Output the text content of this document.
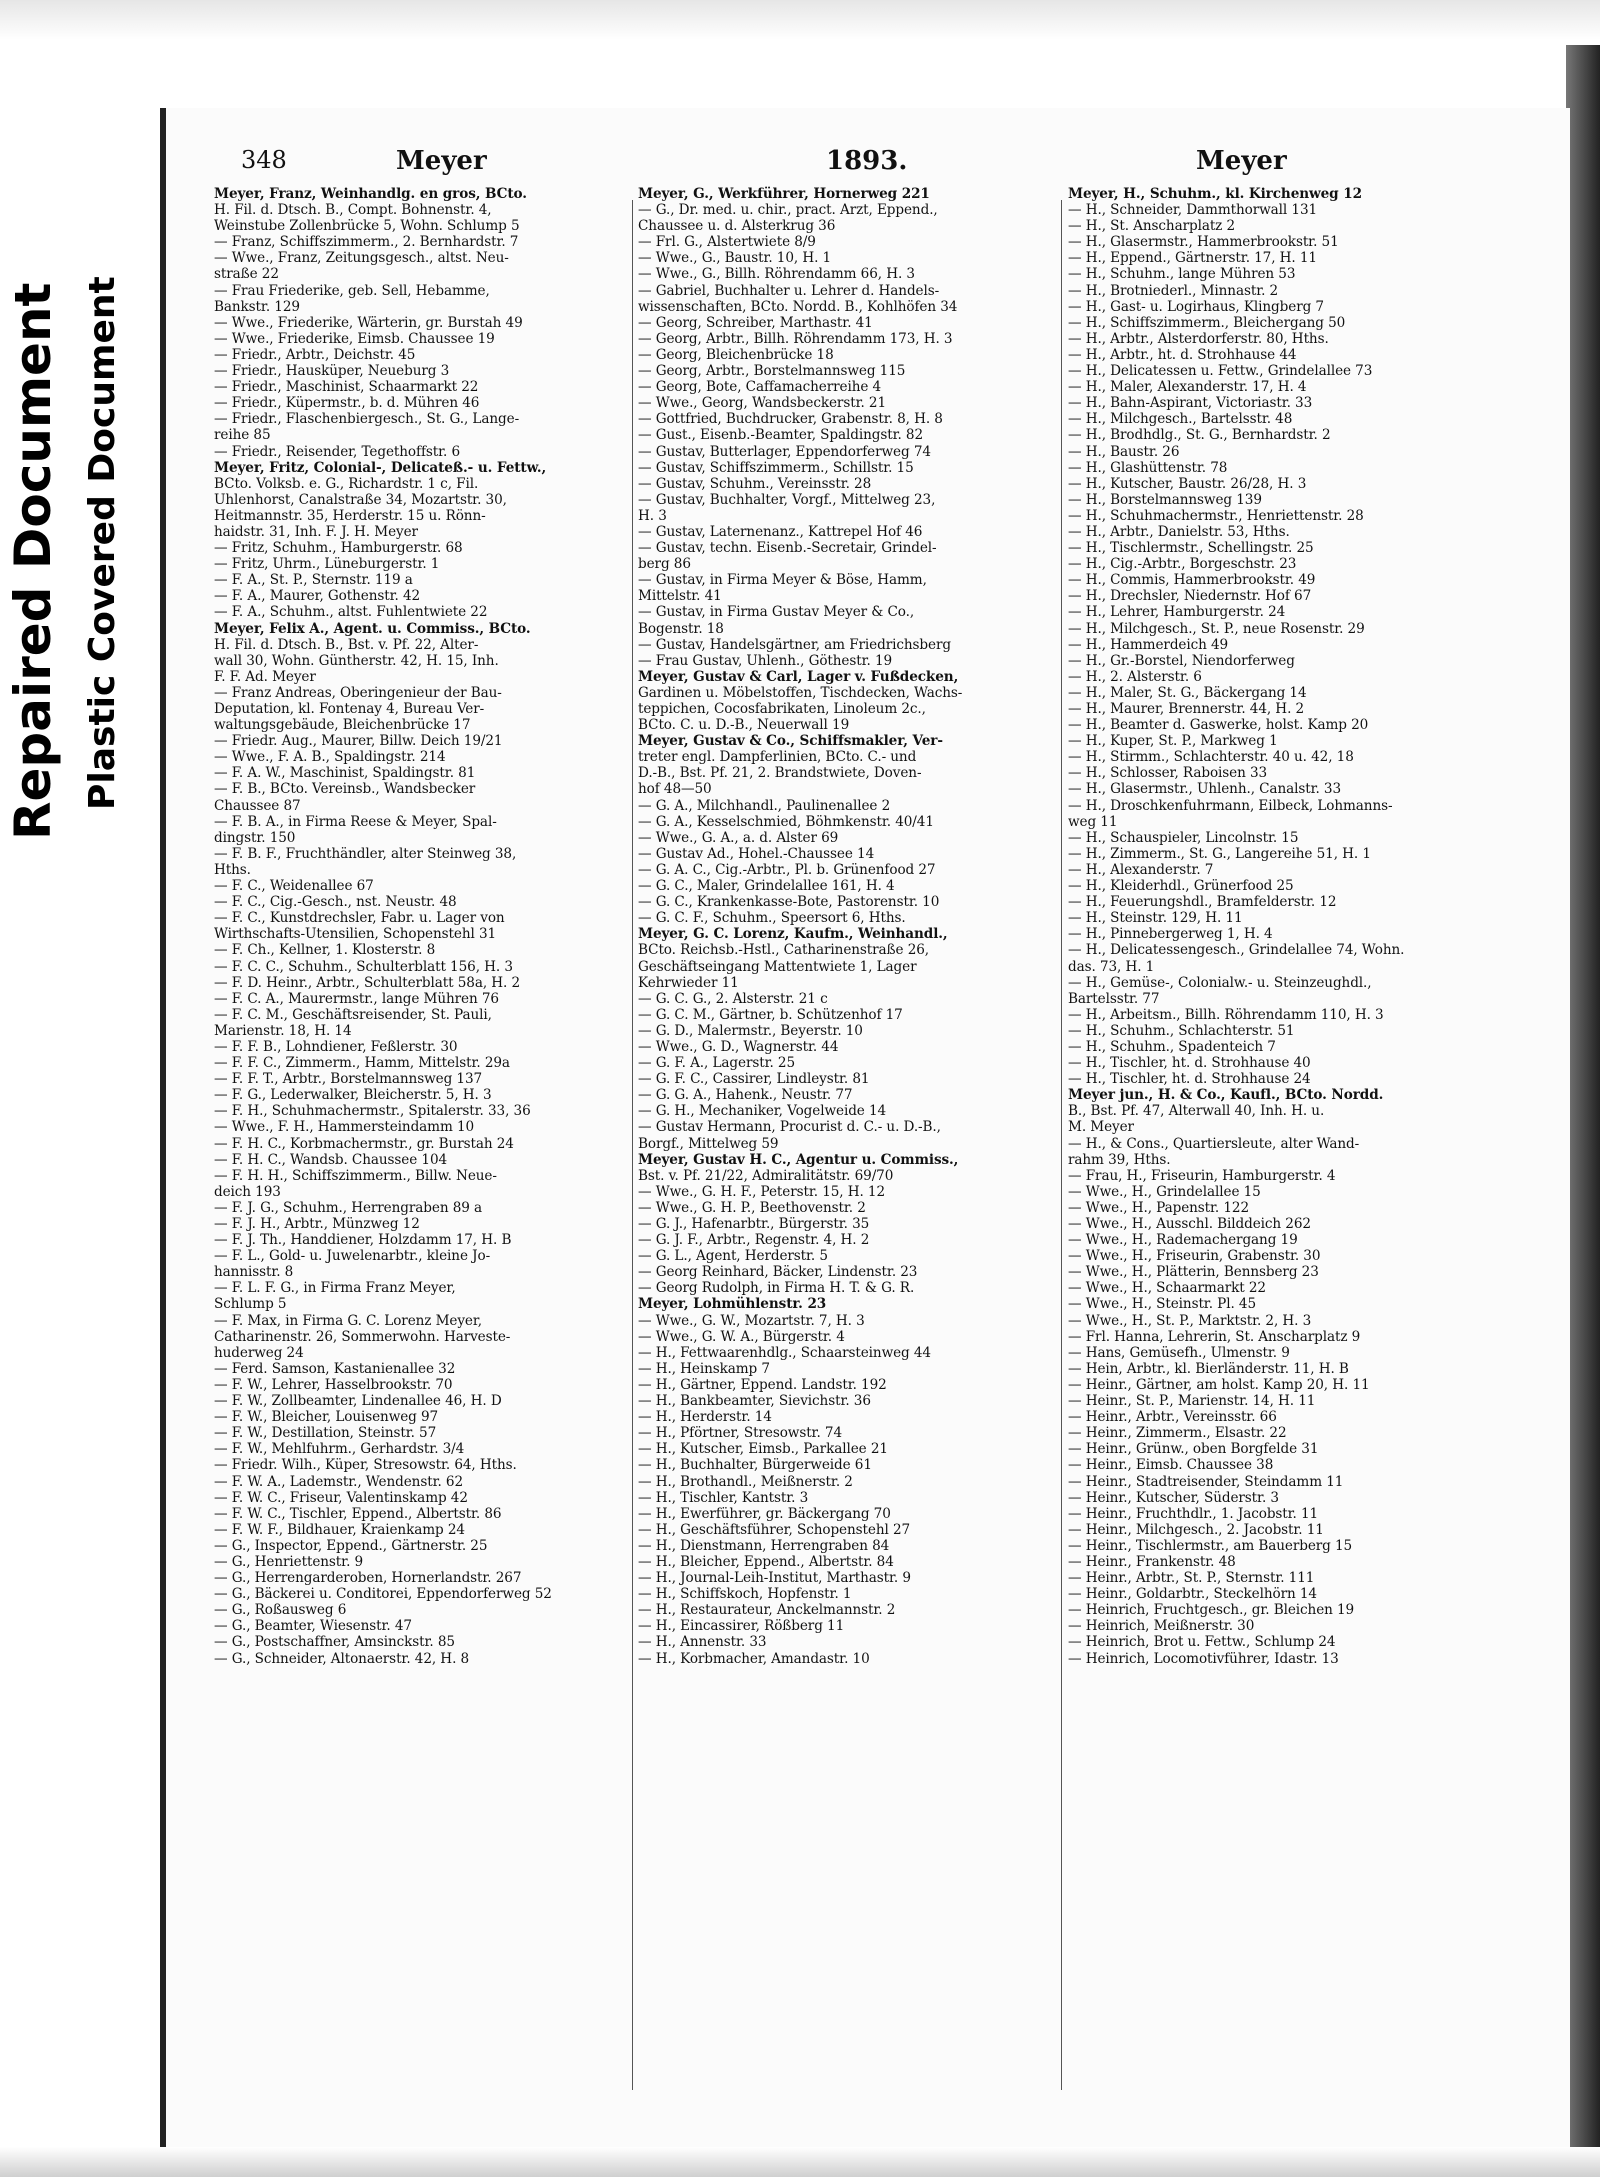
Repaired Document Plastic Covered Document
348	Meyer	1893.	Meyer
Meyer, Franz, Weinhandlg. en gros, BCto.
H. Fil. d. Dtsch. B., Compt. Bohnenstr. 4,
Weinstube Zollenbrücke 5, Wohn. Schlump 5
— Franz, Schiffszimmerm., 2. Bernhardstr. 7
— Wwe., Franz, Zeitungsgesch., altst. Neu-
straße 22
— Frau Friederike, geb. Sell, Hebamme,
Bankstr. 129
— Wwe., Friederike, Wärterin, gr. Burstah 49
— Wwe., Friederike, Eimsb. Chaussee 19
— Friedr., Arbtr., Deichstr. 45
— Friedr., Hausküper, Neueburg 3
— Friedr., Maschinist, Schaarmarkt 22
— Friedr., Küpermstr., b. d. Mühren 46
— Friedr., Flaschenbiergesch., St. G., Lange-
reihe 85
— Friedr., Reisender, Tegethoffstr. 6
Meyer, Fritz, Colonial-, Delicateß.- u. Fettw.,
BCto. Volksb. e. G., Richardstr. 1 c, Fil.
Uhlenhorst, Canalstraße 34, Mozartstr. 30,
Heitmannstr. 35, Herderstr. 15 u. Rönn-
haidstr. 31, Inh. F. J. H. Meyer
— Fritz, Schuhm., Hamburgerstr. 68
— Fritz, Uhrm., Lüneburgerstr. 1
— F. A., St. P., Sternstr. 119 a
— F. A., Maurer, Gothenstr. 42
— F. A., Schuhm., altst. Fuhlentwiete 22
Meyer, Felix A., Agent. u. Commiss., BCto.
H. Fil. d. Dtsch. B., Bst. v. Pf. 22, Alter-
wall 30, Wohn. Güntherstr. 42, H. 15, Inh.
F. F. Ad. Meyer
— Franz Andreas, Oberingenieur der Bau-
Deputation, kl. Fontenay 4, Bureau Ver-
waltungsgebäude, Bleichenbrücke 17
— Friedr. Aug., Maurer, Billw. Deich 19/21
— Wwe., F. A. B., Spaldingstr. 214
— F. A. W., Maschinist, Spaldingstr. 81
— F. B., BCto. Vereinsb., Wandsbecker
Chaussee 87
— F. B. A., in Firma Reese & Meyer, Spal-
dingstr. 150
— F. B. F., Fruchthändler, alter Steinweg 38,
Hths.
— F. C., Weidenallee 67
— F. C., Cig.-Gesch., nst. Neustr. 48
— F. C., Kunstdrechsler, Fabr. u. Lager von
Wirthschafts-Utensilien, Schopenstehl 31
— F. Ch., Kellner, 1. Klosterstr. 8
— F. C. C., Schuhm., Schulterblatt 156, H. 3
— F. D. Heinr., Arbtr., Schulterblatt 58a, H. 2
— F. C. A., Maurermstr., lange Mühren 76
— F. C. M., Geschäftsreisender, St. Pauli,
Marienstr. 18, H. 14
— F. F. B., Lohndiener, Feßlerstr. 30
— F. F. C., Zimmerm., Hamm, Mittelstr. 29a
— F. F. T., Arbtr., Borstelmannsweg 137
— F. G., Lederwalker, Bleicherstr. 5, H. 3
— F. H., Schuhmachermstr., Spitalerstr. 33, 36
— Wwe., F. H., Hammersteindamm 10
— F. H. C., Korbmachermstr., gr. Burstah 24
— F. H. C., Wandsb. Chaussee 104
— F. H. H., Schiffszimmerm., Billw. Neue-
deich 193
— F. J. G., Schuhm., Herrengraben 89 a
— F. J. H., Arbtr., Münzweg 12
— F. J. Th., Handdiener, Holzdamm 17, H. B
— F. L., Gold- u. Juwelenarbtr., kleine Jo-
hannisstr. 8
— F. L. F. G., in Firma Franz Meyer,
Schlump 5
— F. Max, in Firma G. C. Lorenz Meyer,
Catharinenstr. 26, Sommerwohn. Harveste-
huderweg 24
— Ferd. Samson, Kastanienallee 32
— F. W., Lehrer, Hasselbrookstr. 70
— F. W., Zollbeamter, Lindenallee 46, H. D
— F. W., Bleicher, Louisenweg 97
— F. W., Destillation, Steinstr. 57
— F. W., Mehlfuhrm., Gerhardstr. 3/4
— Friedr. Wilh., Küper, Stresowstr. 64, Hths.
— F. W. A., Lademstr., Wendenstr. 62
— F. W. C., Friseur, Valentinskamp 42
— F. W. C., Tischler, Eppend., Albertstr. 86
— F. W. F., Bildhauer, Kraienkamp 24
— G., Inspector, Eppend., Gärtnerstr. 25
— G., Henriettenstr. 9
— G., Herrengarderoben, Hornerlandstr. 267
— G., Bäckerei u. Conditorei, Eppendorferweg 52
— G., Roßausweg 6
— G., Beamter, Wiesenstr. 47
— G., Postschaffner, Amsinckstr. 85
— G., Schneider, Altonaerstr. 42, H. 8
Meyer, G., Werkführer, Hornerweg 221
— G., Dr. med. u. chir., pract. Arzt, Eppend.,
Chaussee u. d. Alsterkrug 36
— Frl. G., Alstertwiete 8/9
— Wwe., G., Baustr. 10, H. 1
— Wwe., G., Billh. Röhrendamm 66, H. 3
— Gabriel, Buchhalter u. Lehrer d. Handels-
wissenschaften, BCto. Nordd. B., Kohlhöfen 34
— Georg, Schreiber, Marthastr. 41
— Georg, Arbtr., Billh. Röhrendamm 173, H. 3
— Georg, Bleichenbrücke 18
— Georg, Arbtr., Borstelmannsweg 115
— Georg, Bote, Caffamacherreihe 4
— Wwe., Georg, Wandsbeckerstr. 21
— Gottfried, Buchdrucker, Grabenstr. 8, H. 8
— Gust., Eisenb.-Beamter, Spaldingstr. 82
— Gustav, Butterlager, Eppendorferweg 74
— Gustav, Schiffszimmerm., Schillstr. 15
— Gustav, Schuhm., Vereinsstr. 28
— Gustav, Buchhalter, Vorgf., Mittelweg 23,
H. 3
— Gustav, Laternenanz., Kattrepel Hof 46
— Gustav, techn. Eisenb.-Secretair, Grindel-
berg 86
— Gustav, in Firma Meyer & Böse, Hamm,
Mittelstr. 41
— Gustav, in Firma Gustav Meyer & Co.,
Bogenstr. 18
— Gustav, Handelsgärtner, am Friedrichsberg
— Frau Gustav, Uhlenh., Göthestr. 19
Meyer, Gustav & Carl, Lager v. Fußdecken,
Gardinen u. Möbelstoffen, Tischdecken, Wachs-
teppichen, Cocosfabrikaten, Linoleum 2c.,
BCto. C. u. D.-B., Neuerwall 19
Meyer, Gustav & Co., Schiffsmakler, Ver-
treter engl. Dampferlinien, BCto. C.- und
D.-B., Bst. Pf. 21, 2. Brandstwiete, Doven-
hof 48—50
— G. A., Milchhandl., Paulinenallee 2
— G. A., Kesselschmied, Böhmkenstr. 40/41
— Wwe., G. A., a. d. Alster 69
— Gustav Ad., Hohel.-Chaussee 14
— G. A. C., Cig.-Arbtr., Pl. b. Grünenfood 27
— G. C., Maler, Grindelallee 161, H. 4
— G. C., Krankenkasse-Bote, Pastorenstr. 10
— G. C. F., Schuhm., Speersort 6, Hths.
Meyer, G. C. Lorenz, Kaufm., Weinhandl.,
BCto. Reichsb.-Hstl., Catharinenstraße 26,
Geschäftseingang Mattentwiete 1, Lager
Kehrwieder 11
— G. C. G., 2. Alsterstr. 21 c
— G. C. M., Gärtner, b. Schützenhof 17
— G. D., Malermstr., Beyerstr. 10
— Wwe., G. D., Wagnerstr. 44
— G. F. A., Lagerstr. 25
— G. F. C., Cassirer, Lindleystr. 81
— G. G. A., Hahenk., Neustr. 77
— G. H., Mechaniker, Vogelweide 14
— Gustav Hermann, Procurist d. C.- u. D.-B.,
Borgf., Mittelweg 59
Meyer, Gustav H. C., Agentur u. Commiss.,
Bst. v. Pf. 21/22, Admiralitätstr. 69/70
— Wwe., G. H. F., Peterstr. 15, H. 12
— Wwe., G. H. P., Beethovenstr. 2
— G. J., Hafenarbtr., Bürgerstr. 35
— G. J. F., Arbtr., Regenstr. 4, H. 2
— G. L., Agent, Herderstr. 5
— Georg Reinhard, Bäcker, Lindenstr. 23
— Georg Rudolph, in Firma H. T. & G. R.
Meyer, Lohmühlenstr. 23
— Wwe., G. W., Mozartstr. 7, H. 3
— Wwe., G. W. A., Bürgerstr. 4
— H., Fettwaarenhdlg., Schaarsteinweg 44
— H., Heinskamp 7
— H., Gärtner, Eppend. Landstr. 192
— H., Bankbeamter, Sievichstr. 36
— H., Herderstr. 14
— H., Pförtner, Stresowstr. 74
— H., Kutscher, Eimsb., Parkallee 21
— H., Buchhalter, Bürgerweide 61
— H., Brothandl., Meißnerstr. 2
— H., Tischler, Kantstr. 3
— H., Ewerführer, gr. Bäckergang 70
— H., Geschäftsführer, Schopenstehl 27
— H., Dienstmann, Herrengraben 84
— H., Bleicher, Eppend., Albertstr. 84
— H., Journal-Leih-Institut, Marthastr. 9
— H., Schiffskoch, Hopfenstr. 1
— H., Restaurateur, Anckelmannstr. 2
— H., Eincassirer, Rößberg 11
— H., Annenstr. 33
— H., Korbmacher, Amandastr. 10
Meyer, H., Schuhm., kl. Kirchenweg 12
— H., Schneider, Dammthorwall 131
— H., St. Anscharplatz 2
— H., Glasermstr., Hammerbrookstr. 51
— H., Eppend., Gärtnerstr. 17, H. 11
— H., Schuhm., lange Mühren 53
— H., Brotniederl., Minnastr. 2
— H., Gast- u. Logirhaus, Klingberg 7
— H., Schiffszimmerm., Bleichergang 50
— H., Arbtr., Alsterdorferstr. 80, Hths.
— H., Arbtr., ht. d. Strohhause 44
— H., Delicatessen u. Fettw., Grindelallee 73
— H., Maler, Alexanderstr. 17, H. 4
— H., Bahn-Aspirant, Victoriastr. 33
— H., Milchgesch., Bartelsstr. 48
— H., Brodhdlg., St. G., Bernhardstr. 2
— H., Baustr. 26
— H., Glashüttenstr. 78
— H., Kutscher, Baustr. 26/28, H. 3
— H., Borstelmannsweg 139
— H., Schuhmachermstr., Henriettenstr. 28
— H., Arbtr., Danielstr. 53, Hths.
— H., Tischlermstr., Schellingstr. 25
— H., Cig.-Arbtr., Borgeschstr. 23
— H., Commis, Hammerbrookstr. 49
— H., Drechsler, Niedernstr. Hof 67
— H., Lehrer, Hamburgerstr. 24
— H., Milchgesch., St. P., neue Rosenstr. 29
— H., Hammerdeich 49
— H., Gr.-Borstel, Niendorferweg
— H., 2. Alsterstr. 6
— H., Maler, St. G., Bäckergang 14
— H., Maurer, Brennerstr. 44, H. 2
— H., Beamter d. Gaswerke, holst. Kamp 20
— H., Kuper, St. P., Markweg 1
— H., Stirmm., Schlachterstr. 40 u. 42, 18
— H., Schlosser, Raboisen 33
— H., Glasermstr., Uhlenh., Canalstr. 33
— H., Droschkenfuhrmann, Eilbeck, Lohmanns-
weg 11
— H., Schauspieler, Lincolnstr. 15
— H., Zimmerm., St. G., Langereihe 51, H. 1
— H., Alexanderstr. 7
— H., Kleiderhdl., Grünerfood 25
— H., Feuerungshdl., Bramfelderstr. 12
— H., Steinstr. 129, H. 11
— H., Pinnebergerweg 1, H. 4
— H., Delicatessengesch., Grindelallee 74, Wohn.
das. 73, H. 1
— H., Gemüse-, Colonialw.- u. Steinzeughdl.,
Bartelsstr. 77
— H., Arbeitsm., Billh. Röhrendamm 110, H. 3
— H., Schuhm., Schlachterstr. 51
— H., Schuhm., Spadenteich 7
— H., Tischler, ht. d. Strohhause 40
— H., Tischler, ht. d. Strohhause 24
Meyer jun., H. & Co., Kaufl., BCto. Nordd.
B., Bst. Pf. 47, Alterwall 40, Inh. H. u.
M. Meyer
— H., & Cons., Quartiersleute, alter Wand-
rahm 39, Hths.
— Frau, H., Friseurin, Hamburgerstr. 4
— Wwe., H., Grindelallee 15
— Wwe., H., Papenstr. 122
— Wwe., H., Ausschl. Bilddeich 262
— Wwe., H., Rademachergang 19
— Wwe., H., Friseurin, Grabenstr. 30
— Wwe., H., Plätterin, Bennsberg 23
— Wwe., H., Schaarmarkt 22
— Wwe., H., Steinstr. Pl. 45
— Wwe., H., St. P., Marktstr. 2, H. 3
— Frl. Hanna, Lehrerin, St. Anscharplatz 9
— Hans, Gemüsefh., Ulmenstr. 9
— Hein, Arbtr., kl. Bierländerstr. 11, H. B
— Heinr., Gärtner, am holst. Kamp 20, H. 11
— Heinr., St. P., Marienstr. 14, H. 11
— Heinr., Arbtr., Vereinsstr. 66
— Heinr., Zimmerm., Elsastr. 22
— Heinr., Grünw., oben Borgfelde 31
— Heinr., Eimsb. Chaussee 38
— Heinr., Stadtreisender, Steindamm 11
— Heinr., Kutscher, Süderstr. 3
— Heinr., Fruchthdlr., 1. Jacobstr. 11
— Heinr., Milchgesch., 2. Jacobstr. 11
— Heinr., Tischlermstr., am Bauerberg 15
— Heinr., Frankenstr. 48
— Heinr., Arbtr., St. P., Sternstr. 111
— Heinr., Goldarbtr., Steckelhörn 14
— Heinrich, Fruchtgesch., gr. Bleichen 19
— Heinrich, Meißnerstr. 30
— Heinrich, Brot u. Fettw., Schlump 24
— Heinrich, Locomotivführer, Idastr. 13
